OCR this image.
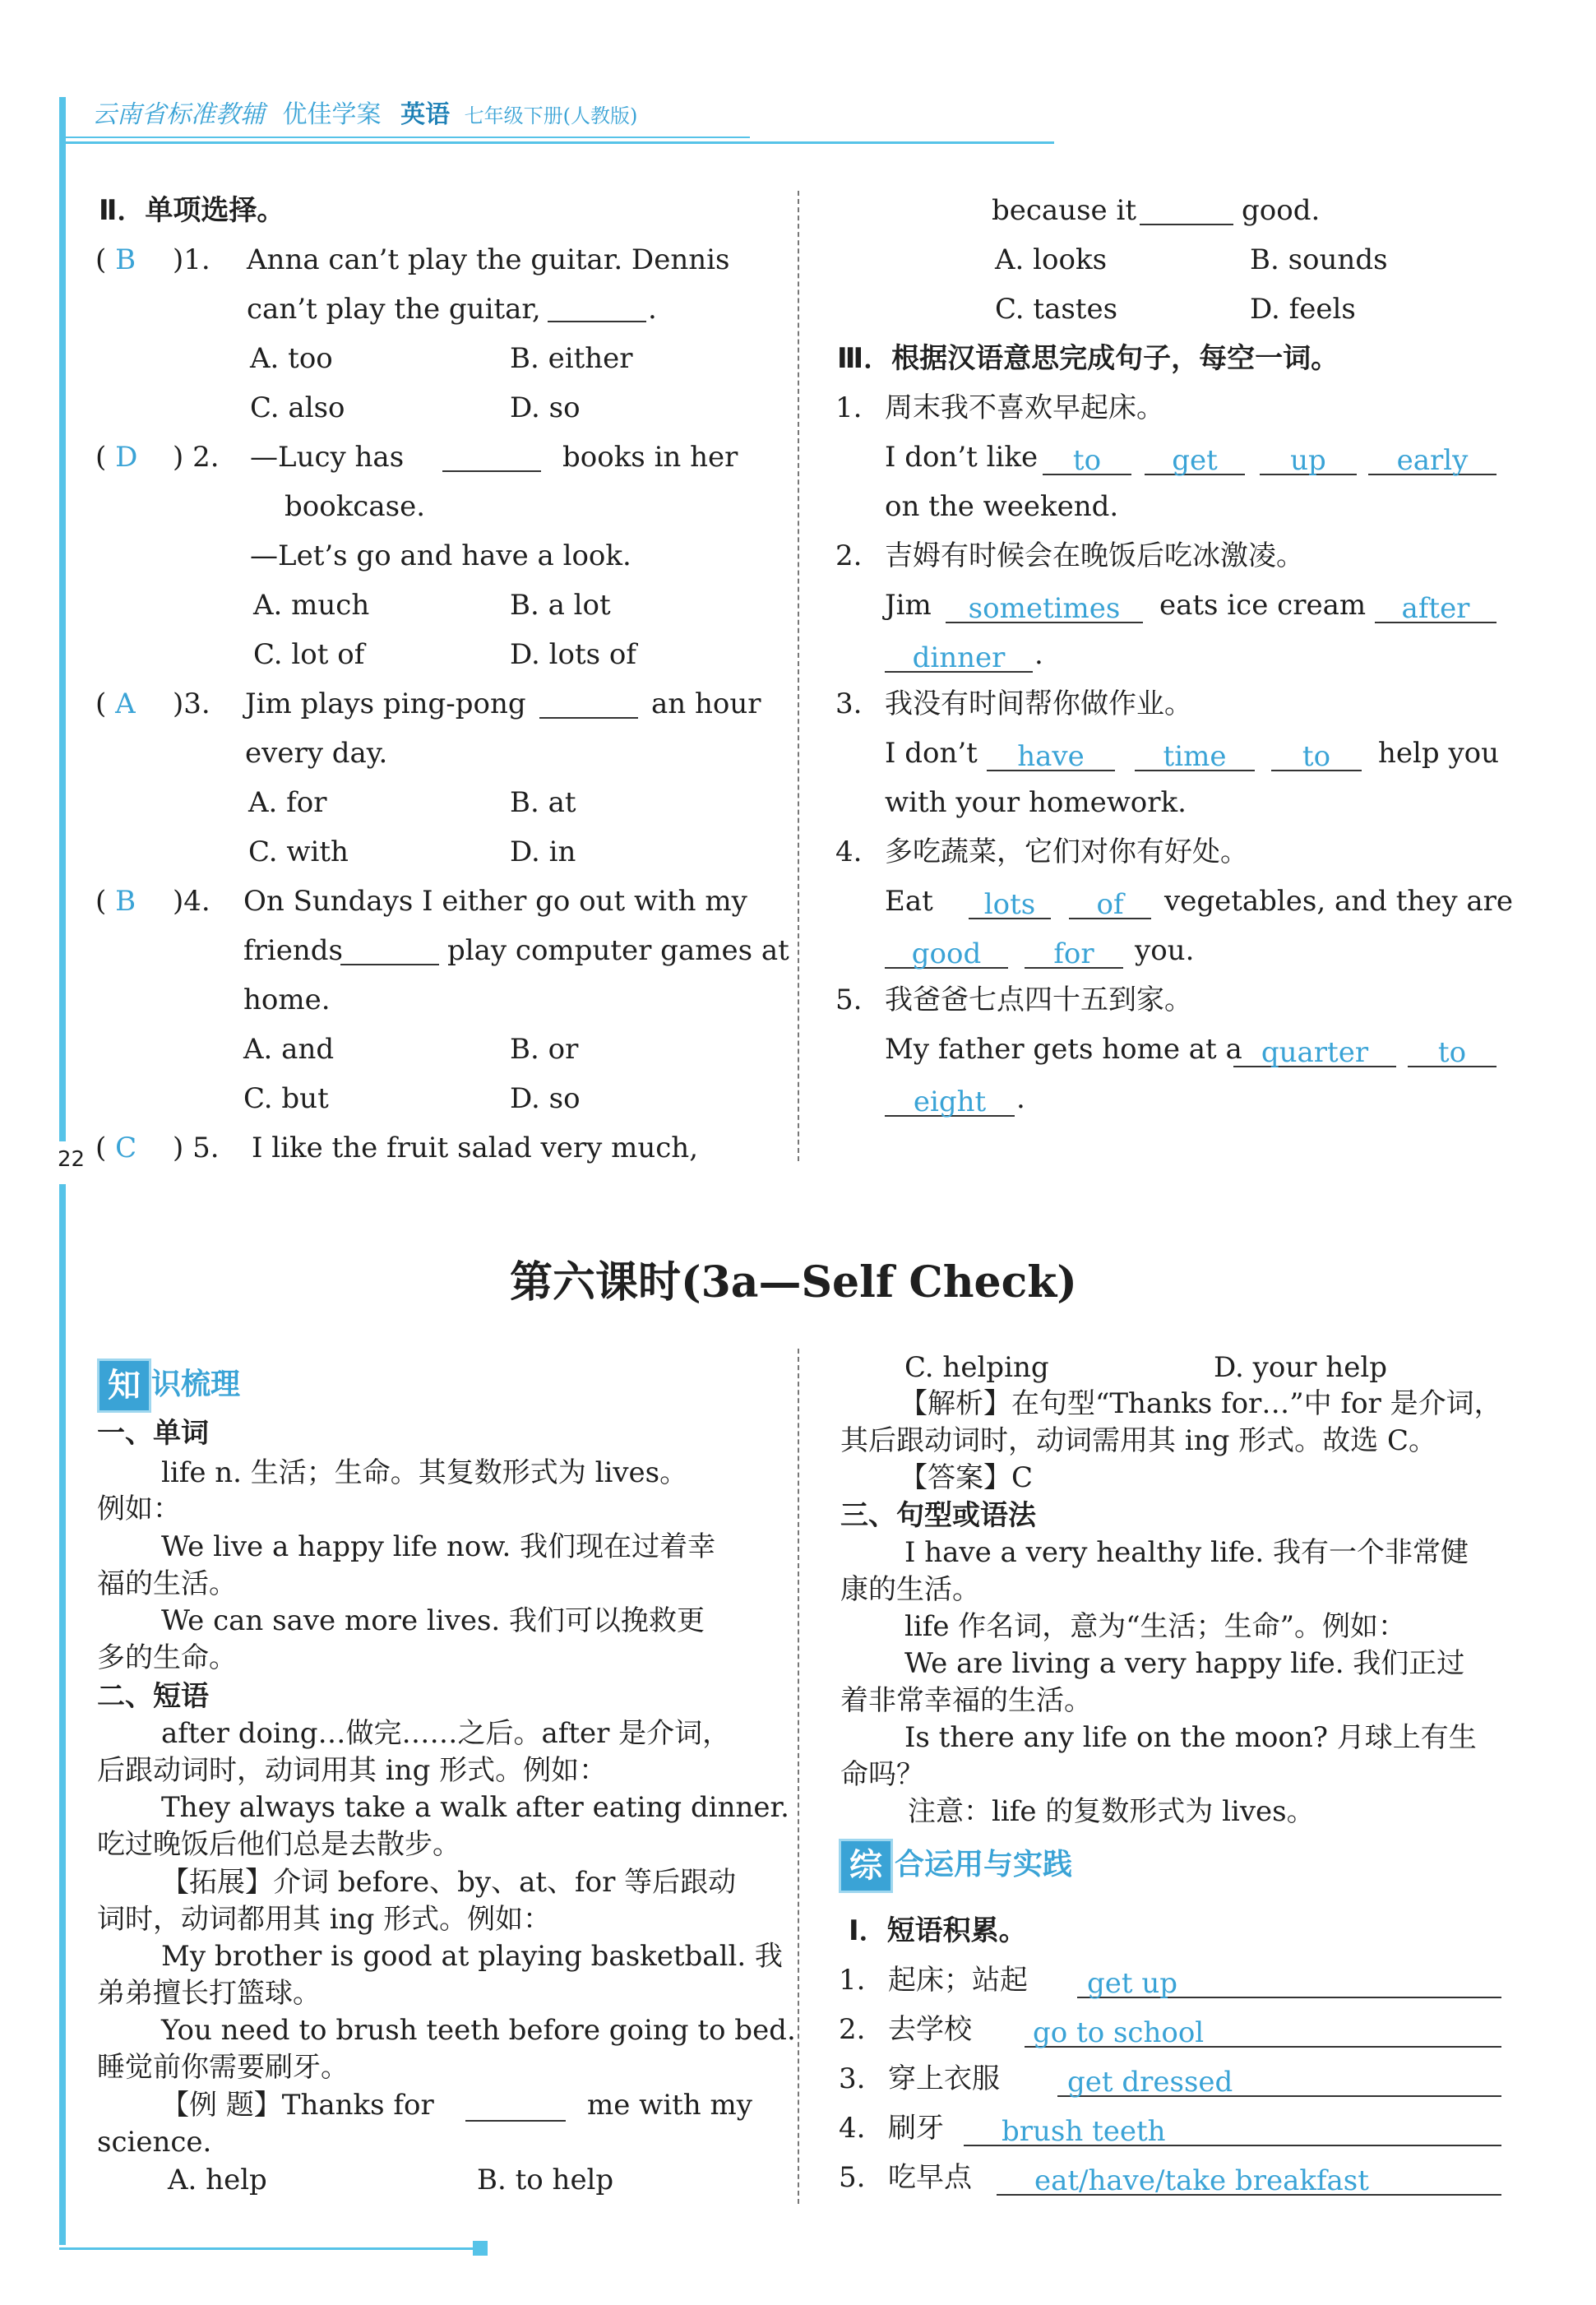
云南省标准教辅 优佳学案 英语 七年级下册(人教版)
22
Ⅱ．单项选择。
( B	)1. Anna can’t play the guitar. Dennis
can’t play the guitar,	.
A. too	B. either
C. also	D. so
( D	) 2. —Lucy has	books in her
bookcase.
—Let’s go and have a look.
A. much	B. a lot
C. lot of	D. lots of
( A	)3. Jim plays ping-pong	an hour
every day.
A. for	B. at
C. with	D. in
( B	)4. On Sundays I either go out with my
friends	play computer games at
home.
A. and	B. or
C. but	D. so
( C	) 5. I like the fruit salad very much,
because it	good.
A. looks	B. sounds
C. tastes	D. feels
Ⅲ．根据汉语意思完成句子，每空一词。
1. 周末我不喜欢早起床。
I don’t like	to	get	up	early
on the weekend.
2. 吉姆有时候会在晚饭后吃冰激凌。
Jim	sometimes	eats ice cream	after
dinner	.
3. 我没有时间帮你做作业。
I don’t	have	time	to	help you
with your homework.
4. 多吃蔬菜，它们对你有好处。
Eat	lots	of	vegetables, and they are
good	for	you.
5. 我爸爸七点四十五到家。
My father gets home at a quarter	to
eight	.
第六课时(3a—Self Check)
知 识梳理
一、单词
life n. 生活；生命。其复数形式为 lives。
例如：
We live a happy life now. 我们现在过着幸
福的生活。
We can save more lives. 我们可以挽救更
多的生命。
二、短语
after doing…做完……之后。after 是介词，
后跟动词时，动词用其 ing 形式。例如：
They always take a walk after eating dinner.
吃过晚饭后他们总是去散步。
【拓展】介词 before、by、at、for 等后跟动
词时，动词都用其 ing 形式。例如：
My brother is good at playing basketball. 我
弟弟擅长打篮球。
You need to brush teeth before going to bed.
睡觉前你需要刷牙。
【例 题】Thanks for	me with my
science.
A. help	B. to help
C. helping	D. your help
【解析】在句型“Thanks for…”中 for 是介词，
其后跟动词时，动词需用其 ing 形式。故选 C。
【答案】C
三、句型或语法
I have a very healthy life. 我有一个非常健
康的生活。
life 作名词，意为“生活；生命”。例如：
We are living a very happy life. 我们正过
着非常幸福的生活。
Is there any life on the moon? 月球上有生
命吗？
注意：life 的复数形式为 lives。
综 合运用与实践
Ⅰ．短语积累。
1. 起床；站起 get up
2. 去学校 go to school
3. 穿上衣服 get dressed
4. 刷牙 brush teeth
5. 吃早点 eat/have/take breakfast
